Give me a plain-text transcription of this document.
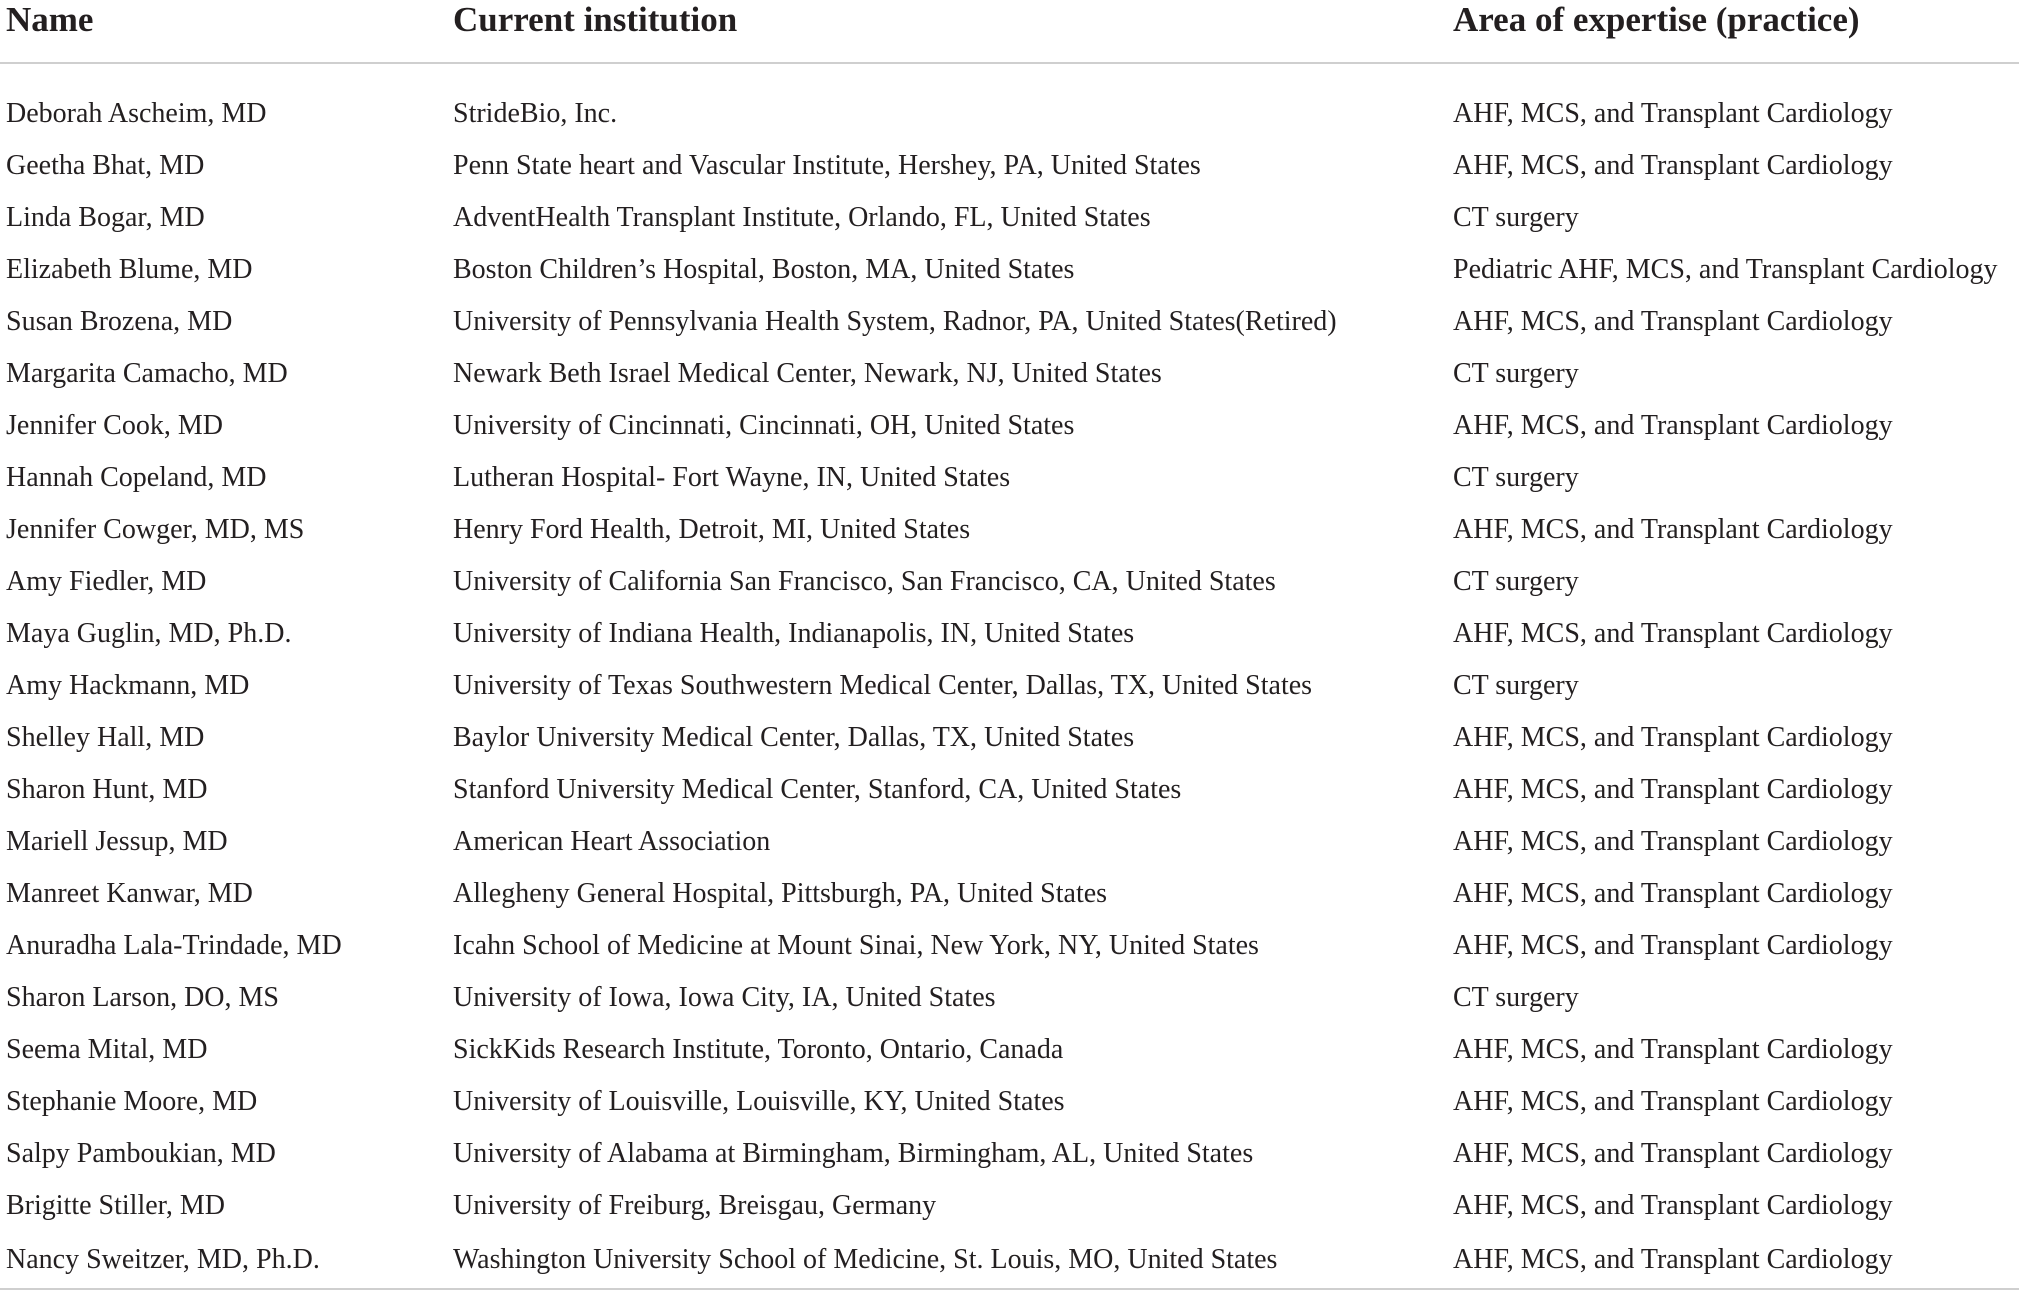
Name	Current institution	Area of expertise (practice)
Deborah Ascheim, MD	StrideBio, Inc.	AHF, MCS, and Transplant Cardiology
Geetha Bhat, MD	Penn State heart and Vascular Institute, Hershey, PA, United States	AHF, MCS, and Transplant Cardiology
Linda Bogar, MD	AdventHealth Transplant Institute, Orlando, FL, United States	CT surgery
Elizabeth Blume, MD	Boston Children’s Hospital, Boston, MA, United States	Pediatric AHF, MCS, and Transplant Cardiology
Susan Brozena, MD	University of Pennsylvania Health System, Radnor, PA, United States(Retired)	AHF, MCS, and Transplant Cardiology
Margarita Camacho, MD	Newark Beth Israel Medical Center, Newark, NJ, United States	CT surgery
Jennifer Cook, MD	University of Cincinnati, Cincinnati, OH, United States	AHF, MCS, and Transplant Cardiology
Hannah Copeland, MD	Lutheran Hospital- Fort Wayne, IN, United States	CT surgery
Jennifer Cowger, MD, MS	Henry Ford Health, Detroit, MI, United States	AHF, MCS, and Transplant Cardiology
Amy Fiedler, MD	University of California San Francisco, San Francisco, CA, United States	CT surgery
Maya Guglin, MD, Ph.D.	University of Indiana Health, Indianapolis, IN, United States	AHF, MCS, and Transplant Cardiology
Amy Hackmann, MD	University of Texas Southwestern Medical Center, Dallas, TX, United States	CT surgery
Shelley Hall, MD	Baylor University Medical Center, Dallas, TX, United States	AHF, MCS, and Transplant Cardiology
Sharon Hunt, MD	Stanford University Medical Center, Stanford, CA, United States	AHF, MCS, and Transplant Cardiology
Mariell Jessup, MD	American Heart Association	AHF, MCS, and Transplant Cardiology
Manreet Kanwar, MD	Allegheny General Hospital, Pittsburgh, PA, United States	AHF, MCS, and Transplant Cardiology
Anuradha Lala-Trindade, MD	Icahn School of Medicine at Mount Sinai, New York, NY, United States	AHF, MCS, and Transplant Cardiology
Sharon Larson, DO, MS	University of Iowa, Iowa City, IA, United States	CT surgery
Seema Mital, MD	SickKids Research Institute, Toronto, Ontario, Canada	AHF, MCS, and Transplant Cardiology
Stephanie Moore, MD	University of Louisville, Louisville, KY, United States	AHF, MCS, and Transplant Cardiology
Salpy Pamboukian, MD	University of Alabama at Birmingham, Birmingham, AL, United States	AHF, MCS, and Transplant Cardiology
Brigitte Stiller, MD	University of Freiburg, Breisgau, Germany	AHF, MCS, and Transplant Cardiology
Nancy Sweitzer, MD, Ph.D.	Washington University School of Medicine, St. Louis, MO, United States	AHF, MCS, and Transplant Cardiology
